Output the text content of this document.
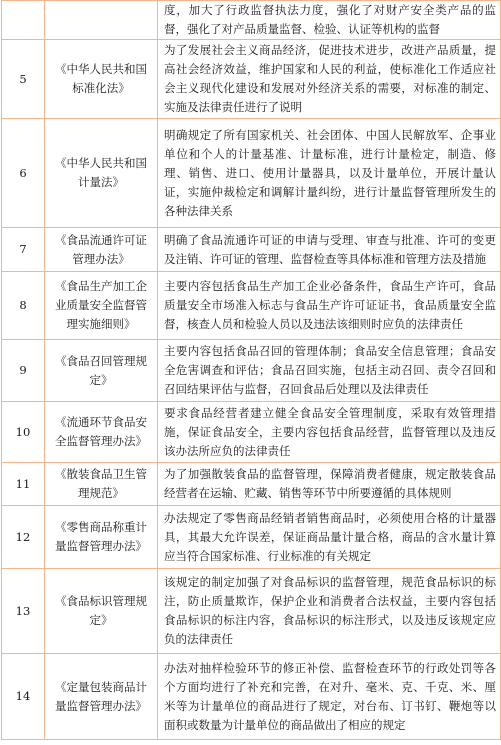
		度，加大了行政监督执法力度，强化了对财产安全类产品的监督，强化了对产品质量监督、检验、认证等机构的监督
5	《中华人民共和国标准化法》	为了发展社会主义商品经济，促进技术进步，改进产品质量，提高社会经济效益，维护国家和人民的利益，使标准化工作适应社会主义现代化建设和发展对外经济关系的需要，对标准的制定、实施及法律责任进行了说明
6	《中华人民共和国计量法》	明确规定了所有国家机关、社会团体、中国人民解放军、企事业单位和个人的计量基准、计量标准，进行计量检定，制造、修理、销售、进口、使用计量器具，以及计量单位，开展计量认证，实施仲裁检定和调解计量纠纷，进行计量监督管理所发生的各种法律关系
7	《食品流通许可证管理办法》	明确了食品流通许可证的申请与受理、审查与批准、许可的变更及注销、许可证的管理、监督检查等具体标准和管理方法及措施
8	《食品生产加工企业质量安全监督管理实施细则》	主要内容包括食品生产加工企业必备条件，食品生产许可，食品质量安全市场准入标志与食品生产许可证证书，食品质量安全监督，核查人员和检验人员以及违法该细则时应负的法律责任
9	《食品召回管理规定》	主要内容包括食品召回的管理体制；食品安全信息管理；食品安全危害调查和评估；食品召回实施，包括主动召回、责令召回和召回结果评估与监督，召回食品后处理以及法律责任
10	《流通环节食品安全监督管理办法》	要求食品经营者建立健全食品安全管理制度，采取有效管理措施，保证食品安全，主要内容包括食品经营，监督管理以及违反该办法所应负的法律责任
11	《散装食品卫生管理规范》	为了加强散装食品的监督管理，保障消费者健康，规定散装食品经营者在运输、贮藏、销售等环节中所要遵循的具体规则
12	《零售商品称重计量监督管理办法》	办法规定了零售商品经销者销售商品时，必须使用合格的计量器具，其最大允许误差，保证商品量计量合格，商品的含水量计算应当符合国家标准、行业标准的有关规定
13	《食品标识管理规定》	该规定的制定加强了对食品标识的监督管理，规范食品标识的标注，防止质量欺诈，保护企业和消费者合法权益，主要内容包括食品标识的标注内容，食品标识的标注形式，以及违反该规定应负的法律责任
14	《定量包装商品计量监督管理办法》	办法对抽样检验环节的修正补偿、监督检查环节的行政处罚等各个方面均进行了补充和完善，在对升、毫米、克、千克、米、厘米等为计量单位的商品进行了规定，对台布、订书钉、鞭炮等以面积或数量为计量单位的商品做出了相应的规定
